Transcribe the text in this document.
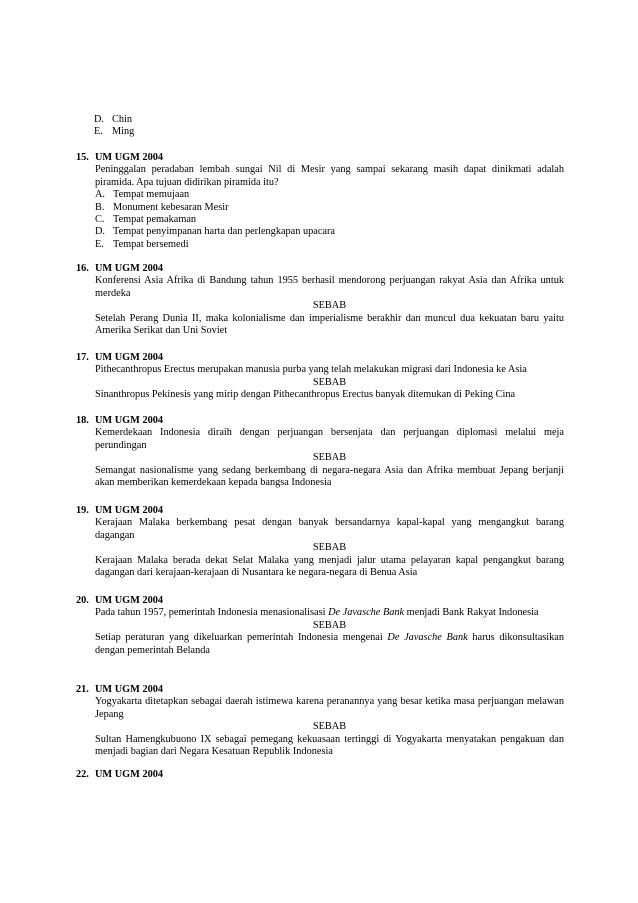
D. Chin
E. Ming
15. UM UGM 2004

Peninggalan peradaban lembah sungai Nil di Mesir yang sampai sekarang masih dapat dinikmati adalah piramida. Apa tujuan didirikan piramida itu?

A. Tempat memujaan
B. Monument kebesaran Mesir
C. Tempat pemakaman
D. Tempat penyimpanan harta dan perlengkapan upacara
E. Tempat bersemedi
16. UM UGM 2004

Konferensi Asia Afrika di Bandung tahun 1955 berhasil mendorong perjuangan rakyat Asia dan Afrika untuk merdeka

SEBAB

Setelah Perang Dunia II, maka kolonialisme dan imperialisme berakhir dan muncul dua kekuatan baru yaitu Amerika Serikat dan Uni Soviet

17. UM UGM 2004

Pithecanthropus Erectus merupakan manusia purba yang telah melakukan migrasi dari Indonesia ke Asia

SEBAB

Sinanthropus Pekinesis yang mirip dengan Pithecanthropus Erectus banyak ditemukan di Peking Cina

18. UM UGM 2004

Kemerdekaan Indonesia diraih dengan perjuangan bersenjata dan perjuangan diplomasi melalui meja perundingan

SEBAB

Semangat nasionalisme yang sedang berkembang di negara-negara Asia dan Afrika membuat Jepang berjanji akan memberikan kemerdekaan kepada bangsa Indonesia

19. UM UGM 2004

Kerajaan Malaka berkembang pesat dengan banyak bersandarnya kapal-kapal yang mengangkut barang dagangan

SEBAB

Kerajaan Malaka berada dekat Selat Malaka yang menjadi jalur utama pelayaran kapal pengangkut barang dagangan dari kerajaan-kerajaan di Nusantara ke negara-negara di Benua Asia

20. UM UGM 2004

Pada tahun 1957, pemerintah Indonesia menasionalisasi De Javasche Bank menjadi Bank Rakyat Indonesia

SEBAB

Setiap peraturan yang dikeluarkan pemerintah Indonesia mengenai De Javasche Bank harus dikonsultasikan dengan pemerintah Belanda

21. UM UGM 2004

Yogyakarta ditetapkan sebagai daerah istimewa karena peranannya yang besar ketika masa perjuangan melawan Jepang

SEBAB

Sultan Hamengkubuono IX sebagai pemegang kekuasaan tertinggi di Yogyakarta menyatakan pengakuan dan menjadi bagian dari Negara Kesatuan Republik Indonesia

22. UM UGM 2004
